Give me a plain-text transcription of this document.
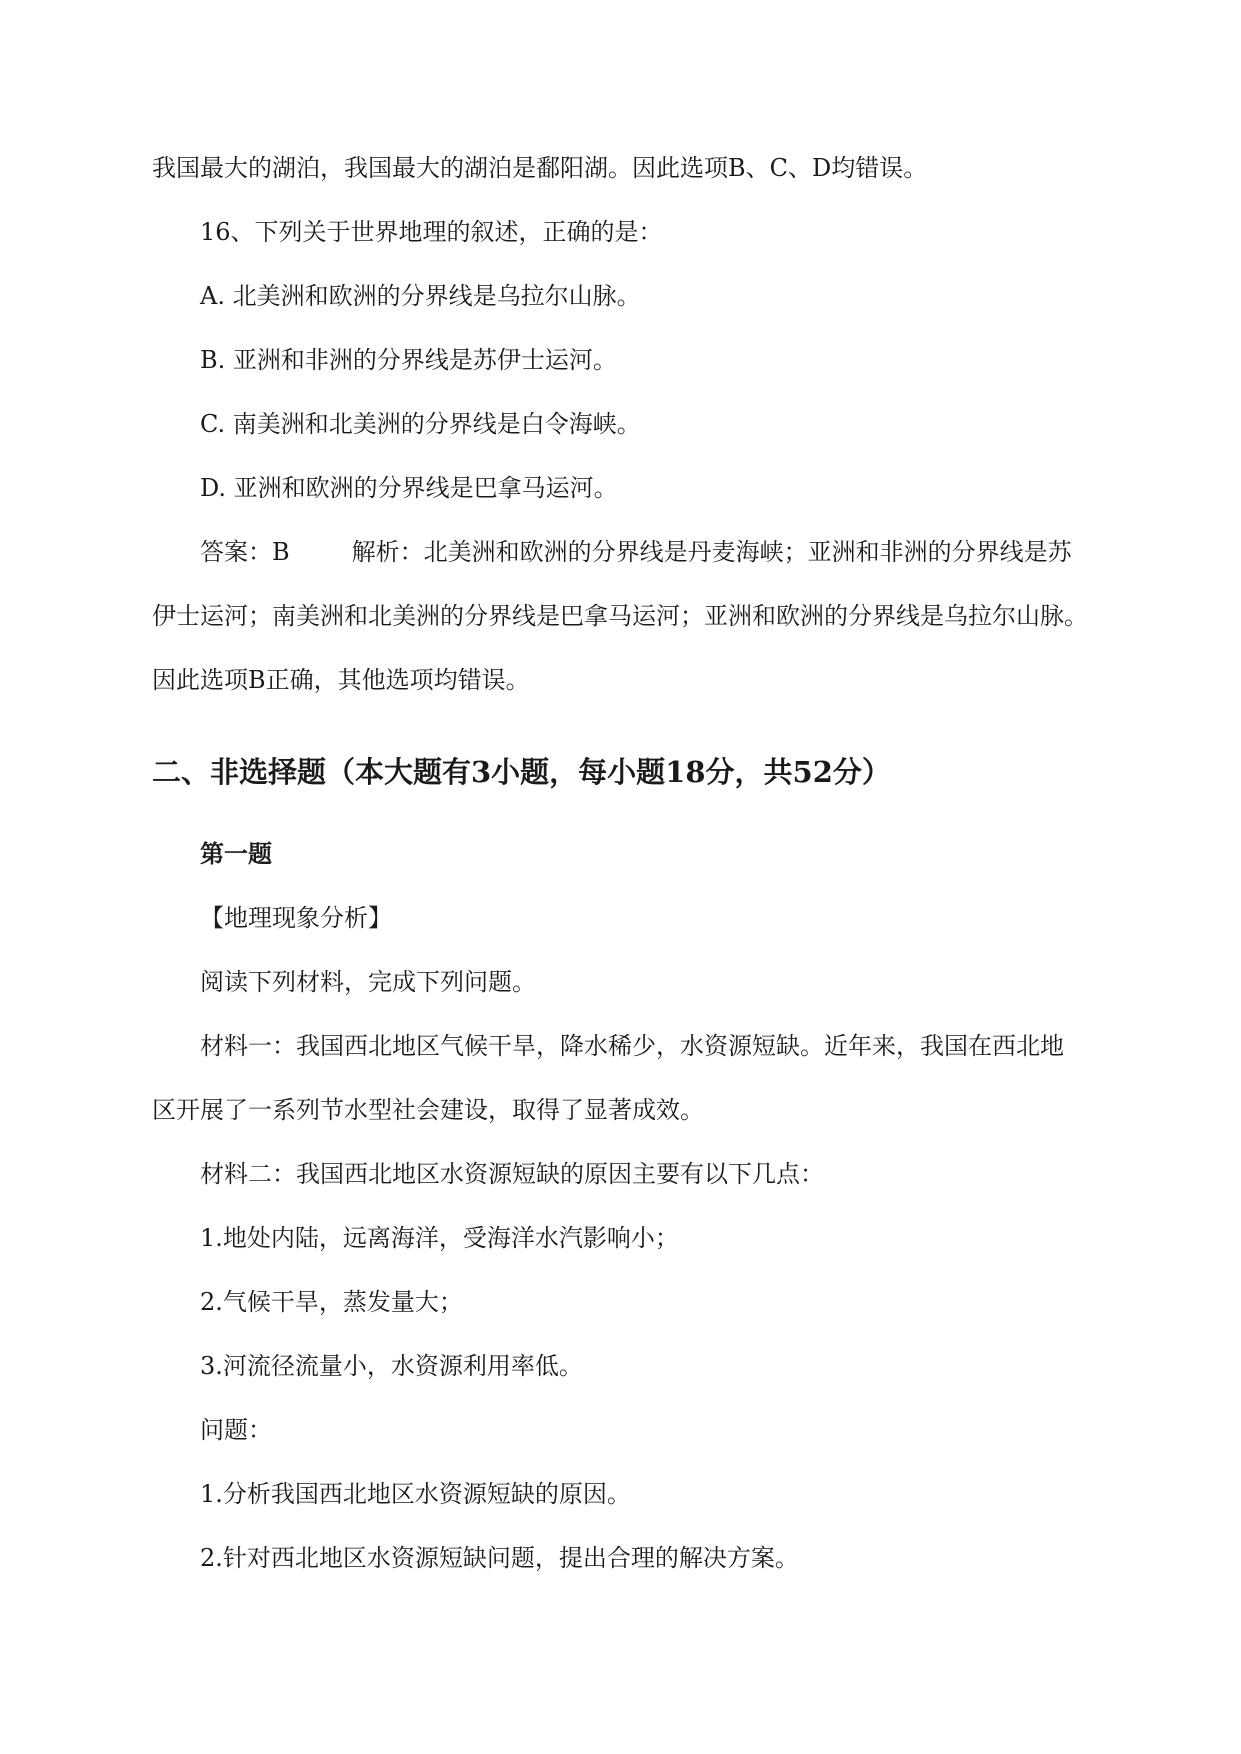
我国最大的湖泊，我国最大的湖泊是鄱阳湖。因此选项B、C、D均错误。
16、下列关于世界地理的叙述，正确的是：
A. 北美洲和欧洲的分界线是乌拉尔山脉。
B. 亚洲和非洲的分界线是苏伊士运河。
C. 南美洲和北美洲的分界线是白令海峡。
D. 亚洲和欧洲的分界线是巴拿马运河。
答案：B	解析：北美洲和欧洲的分界线是丹麦海峡；亚洲和非洲的分界线是苏
伊士运河；南美洲和北美洲的分界线是巴拿马运河；亚洲和欧洲的分界线是乌拉尔山脉。
因此选项B正确，其他选项均错误。
二、非选择题（本大题有3小题，每小题18分，共52分）
第一题
【地理现象分析】
阅读下列材料，完成下列问题。
材料一：我国西北地区气候干旱，降水稀少，水资源短缺。近年来，我国在西北地
区开展了一系列节水型社会建设，取得了显著成效。
材料二：我国西北地区水资源短缺的原因主要有以下几点：
1.地处内陆，远离海洋，受海洋水汽影响小；
2.气候干旱，蒸发量大；
3.河流径流量小，水资源利用率低。
问题：
1.分析我国西北地区水资源短缺的原因。
2.针对西北地区水资源短缺问题，提出合理的解决方案。
